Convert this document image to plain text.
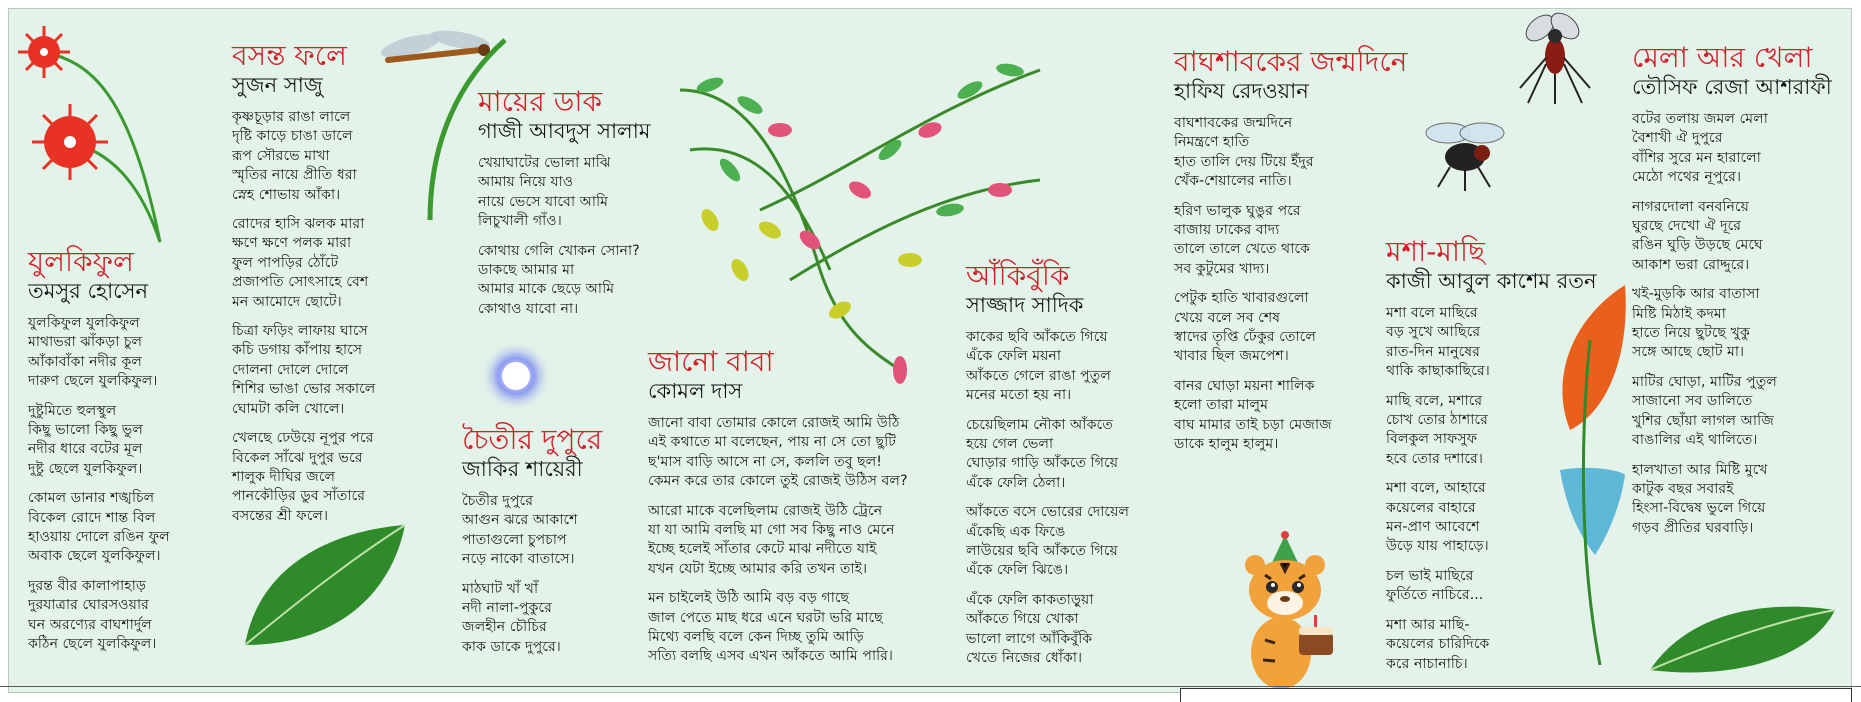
যুলকিফুল
তমসুর হোসেন
যুলকিফুল যুলকিফুল
মাথাভরা ঝাঁকড়া চুল
আঁকাবাঁকা নদীর কূল
দারুণ ছেলে যুলকিফুল।
দুষ্টুমিতে হুলস্থুল
কিছু ভালো কিছু ভুল
নদীর ধারে বটের মূল
দুষ্টু ছেলে যুলকিফুল।
কোমল ডানার শঙ্খচিল
বিকেল রোদে শান্ত বিল
হাওয়ায় দোলে রঙিন ফুল
অবাক ছেলে যুলকিফুল।
দুরন্ত বীর কালাপাহাড়
দুরযাত্রার ঘোরসওয়ার
ঘন অরণ্যের বাঘশার্দুল
কঠিন ছেলে যুলকিফুল।
বসন্ত ফলে
সুজন সাজু
কৃষ্ণচূড়ার রাঙা লালে
দৃষ্টি কাড়ে চাঙা ডালে
রূপ সৌরভে মাখা
স্মৃতির নায়ে প্রীতি ধরা
স্নেহ শোভায় আঁকা।
রোদের হাসি ঝলক মারা
ক্ষণে ক্ষণে পলক মারা
ফুল পাপড়ির ঠোঁটে
প্রজাপতি সোৎসাহে বেশ
মন আমোদে ছোটে।
চিত্রা ফড়িং লাফায় ঘাসে
কচি ডগায় কাঁপায় হাসে
দোলনা দোলে দোলে
শিশির ভাঙা ভোর সকালে
ঘোমটা কলি খোলে।
খেলছে ঢেউয়ে নূপুর পরে
বিকেল সাঁঝে দুপুর ভরে
শালুক দীঘির জলে
পানকৌড়ির ডুব সাঁতারে
বসন্তের শ্রী ফলে।
মায়ের ডাক
গাজী আবদুস সালাম
খেয়াঘাটের ভোলা মাঝি
আমায় নিয়ে যাও
নায়ে ভেসে যাবো আমি
লিচুখালী গাঁও।
কোথায় গেলি খোকন সোনা?
ডাকছে আমার মা
আমার মাকে ছেড়ে আমি
কোথাও যাবো না।
চৈতীর দুপুরে
জাকির শায়েরী
চৈতীর দুপুরে
আগুন ঝরে আকাশে
পাতাগুলো চুপচাপ
নড়ে নাকো বাতাসে।
মাঠঘাট খাঁ খাঁ
নদী নালা-পুকুরে
জলহীন চৌচির
কাক ডাকে দুপুরে।
জানো বাবা
কোমল দাস
জানো বাবা তোমার কোলে রোজই আমি উঠি
এই কথাতে মা বলেছেন, পায় না সে তো ছুটি
ছ'মাস বাড়ি আসে না সে, কললি তবু ছল!
কেমন করে তার কোলে তুই রোজই উঠিস বল?
আরো মাকে বলেছিলাম রোজই উঠি ট্রেনে
যা যা আমি বলছি মা গো সব কিছু নাও মেনে
ইচ্ছে হলেই সাঁতার কেটে মাঝ নদীতে যাই
যখন যেটা ইচ্ছে আমার করি তখন তাই।
মন চাইলেই উঠি আমি বড় বড় গাছে
জাল পেতে মাছ ধরে এনে ঘরটা ভরি মাছে
মিথ্যে বলছি বলে কেন দিচ্ছ তুমি আড়ি
সত্যি বলছি এসব এখন আঁকতে আমি পারি।
আঁকিবুঁকি
সাজ্জাদ সাদিক
কাকের ছবি আঁকতে গিয়ে
এঁকে ফেলি ময়না
আঁকতে গেলে রাঙা পুতুল
মনের মতো হয় না।
চেয়েছিলাম নৌকা আঁকতে
হয়ে গেল ভেলা
ঘোড়ার গাড়ি আঁকতে গিয়ে
এঁকে ফেলি ঠেলা।
আঁকতে বসে ভোরের দোয়েল
এঁকেছি এক ফিঙে
লাউয়ের ছবি আঁকতে গিয়ে
এঁকে ফেলি ঝিঙে।
এঁকে ফেলি কাকতাড়ুয়া
আঁকতে গিয়ে খোকা
ভালো লাগে আঁকিবুঁকি
খেতে নিজের ধোঁকা।
বাঘশাবকের জন্মদিনে
হাফিয রেদওয়ান
বাঘশাবকের জন্মদিনে
নিমন্ত্রণে হাতি
হাত তালি দেয় টিয়ে ইঁদুর
খেঁক-শেয়ালের নাতি।
হরিণ ভালুক ঘুঙুর পরে
বাজায় ঢাকের বাদ্য
তালে তালে খেতে থাকে
সব কুটুমের খাদ্য।
পেটুক হাতি খাবারগুলো
খেয়ে বলে সব শেষ
স্বাদের তৃপ্তি ঢেঁকুর তোলে
খাবার ছিল জমপেশ।
বানর ঘোড়া ময়না শালিক
হলো তারা মালুম
বাঘ মামার তাই চড়া মেজাজ
ডাকে হালুম হালুম।
মশা-মাছি
কাজী আবুল কাশেম রতন
মশা বলে মাছিরে
বড় সুখে আছিরে
রাত-দিন মানুষের
থাকি কাছাকাছিরে।
মাছি বলে, মশারে
চোখ তোর ঠাশারে
বিলকুল সাফসুফ
হবে তোর দশারে।
মশা বলে, আহারে
কয়েলের বাহারে
মন-প্রাণ আবেশে
উড়ে যায় পাহাড়ে।
চল ভাই মাছিরে
ফুর্তিতে নাচিরে...
মশা আর মাছি-
কয়েলের চারিদিকে
করে নাচানাচি।
মেলা আর খেলা
তৌসিফ রেজা আশরাফী
বটের তলায় জমল মেলা
বৈশাখী ঐ দুপুরে
বাঁশির সুরে মন হারালো
মেঠো পথের নূপুরে।
নাগরদোলা বনবনিয়ে
ঘুরছে দেখো ঐ দূরে
রঙিন ঘুড়ি উড়ছে মেঘে
আকাশ ভরা রোদ্দুরে।
খই-মুড়কি আর বাতাসা
মিষ্টি মিঠাই কদমা
হাতে নিয়ে ছুটছে খুকু
সঙ্গে আছে ছোট মা।
মাটির ঘোড়া, মাটির পুতুল
সাজানো সব ডালিতে
খুশির ছোঁয়া লাগল আজি
বাঙালির এই থালিতে।
হালখাতা আর মিষ্টি মুখে
কাটুক বছর সবারই
হিংসা-বিদ্বেষ ভুলে গিয়ে
গড়ব প্রীতির ঘরবাড়ি।
